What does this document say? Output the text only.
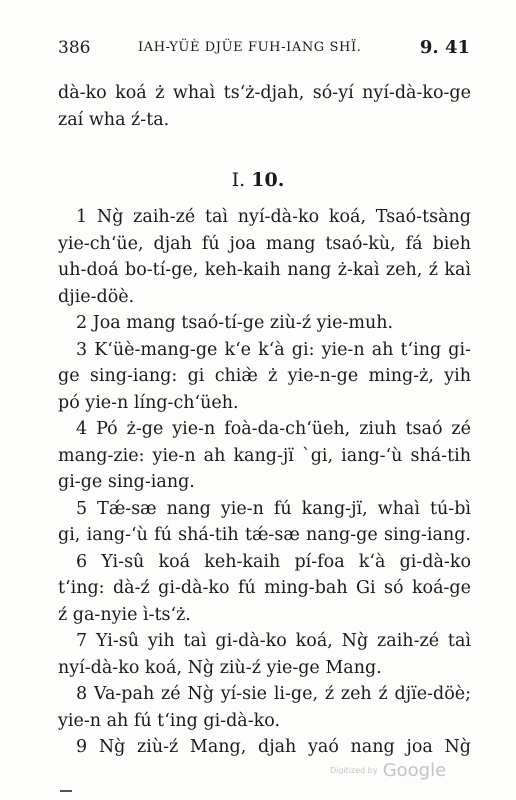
386	IAH-YÜÈ DJÜE FUH-IANG SHÏ.	9. 41
dà-ko koá ż whaì ts‘ż-djah, só-yí nyí-dà-ko-ge
zaí wha ź-ta.
I. 10.
1 Ng̀ zaih-zé taì nyí-dà-ko koá, Tsaó-tsàng
yie-ch‘üe, djah fú joa mang tsaó-kù, fá bieh
uh-doá bo-tí-ge, keh-kaih nang ż-kaì zeh, ź kaì
djie-döè.
2 Joa mang tsaó-tí-ge ziù-ź yie-muh.
3 K‘üè-mang-ge k‘e k‘à gi: yie-n ah t‘ing gi-
ge sing-iang: gi chiæ̀ ż yie-n-ge ming-ż, yih
pó yie-n líng-ch‘üeh.
4 Pó ż-ge yie-n foà-da-ch‘üeh, ziuh tsaó zé
mang-zie: yie-n ah kang-jï `gi, iang-‘ù shá-tih
gi-ge sing-iang.
5 Tǽ-sæ nang yie-n fú kang-jï, whaì tú-bì
gi, iang-‘ù fú shá-tih tǽ-sæ nang-ge sing-iang.
6 Yi-sû koá keh-kaih pí-foa k‘à gi-dà-ko
t‘ing: dà-ź gi-dà-ko fú ming-bah Gi só koá-ge
ź ga-nyie ì-ts‘ż.
7 Yi-sû yih taì gi-dà-ko koá, Ng̀ zaih-zé taì
nyí-dà-ko koá, Ng̀ ziù-ź yie-ge Mang.
8 Va-pah zé Ng̀ yí-sie li-ge, ź zeh ź djïe-döè;
yie-n ah fú t‘ing gi-dà-ko.
9 Ng̀ ziù-ź Mang, djah yaó nang joa Ng̀
Digitized by Google
